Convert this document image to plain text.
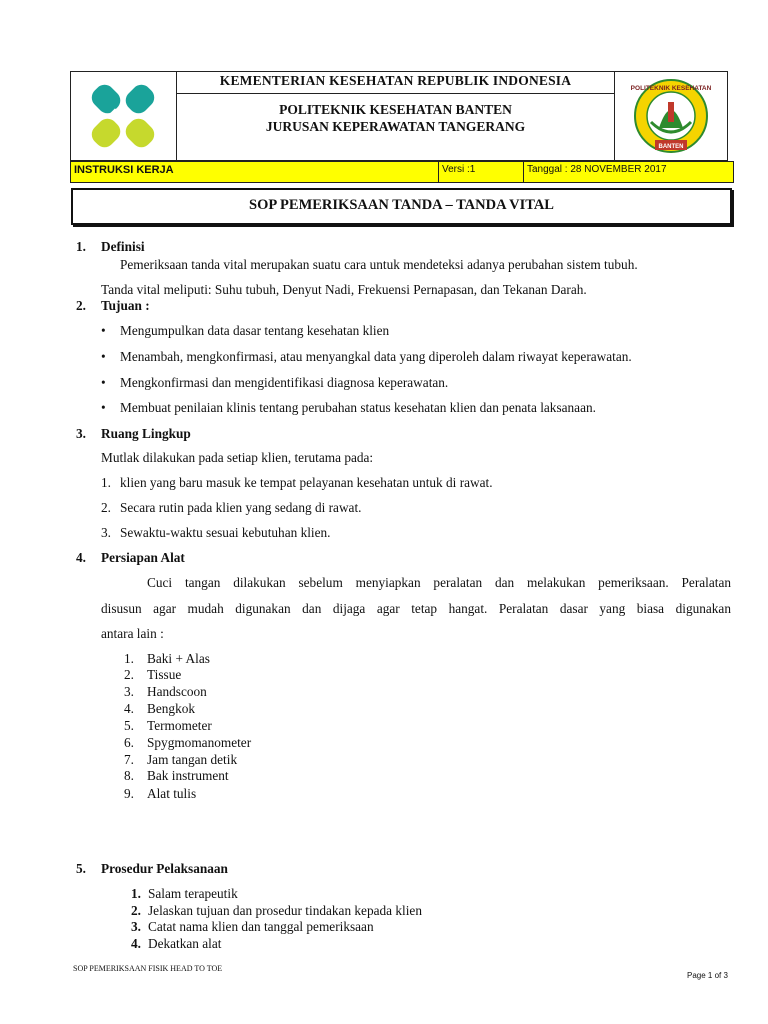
KEMENTERIAN KESEHATAN REPUBLIK INDONESIA
POLITEKNIK KESEHATAN BANTEN
JURUSAN KEPERAWATAN TANGERANG
POLITEKNIK KESEHATAN
BANTEN
INSTRUKSI KERJA	Versi :1	Tanggal : 28 NOVEMBER 2017
SOP PEMERIKSAAN TANDA – TANDA VITAL
1. Definisi
Pemeriksaan tanda vital merupakan suatu cara untuk mendeteksi adanya perubahan sistem tubuh.
Tanda vital meliputi: Suhu tubuh, Denyut Nadi, Frekuensi Pernapasan, dan Tekanan Darah.
2. Tujuan :
• Mengumpulkan data dasar tentang kesehatan klien
• Menambah, mengkonfirmasi, atau menyangkal data yang diperoleh dalam riwayat keperawatan.
• Mengkonfirmasi dan mengidentifikasi diagnosa keperawatan.
• Membuat penilaian klinis tentang perubahan status kesehatan klien dan penata laksanaan.
3. Ruang Lingkup
Mutlak dilakukan pada setiap klien, terutama pada:
1. klien yang baru masuk ke tempat pelayanan kesehatan untuk di rawat.
2. Secara rutin pada klien yang sedang di rawat.
3. Sewaktu-waktu sesuai kebutuhan klien.
4. Persiapan Alat
Cuci tangan dilakukan sebelum menyiapkan peralatan dan melakukan pemeriksaan. Peralatan
disusun agar mudah digunakan dan dijaga agar tetap hangat. Peralatan dasar yang biasa digunakan
antara lain :
1. Baki + Alas
2. Tissue
3. Handscoon
4. Bengkok
5. Termometer
6. Spygmomanometer
7. Jam tangan detik
8. Bak instrument
9. Alat tulis
5. Prosedur Pelaksanaan
1. Salam terapeutik
2. Jelaskan tujuan dan prosedur tindakan kepada klien
3. Catat nama klien dan tanggal pemeriksaan
4. Dekatkan alat
SOP PEMERIKSAAN FISIK HEAD TO TOE
Page 1 of 3
